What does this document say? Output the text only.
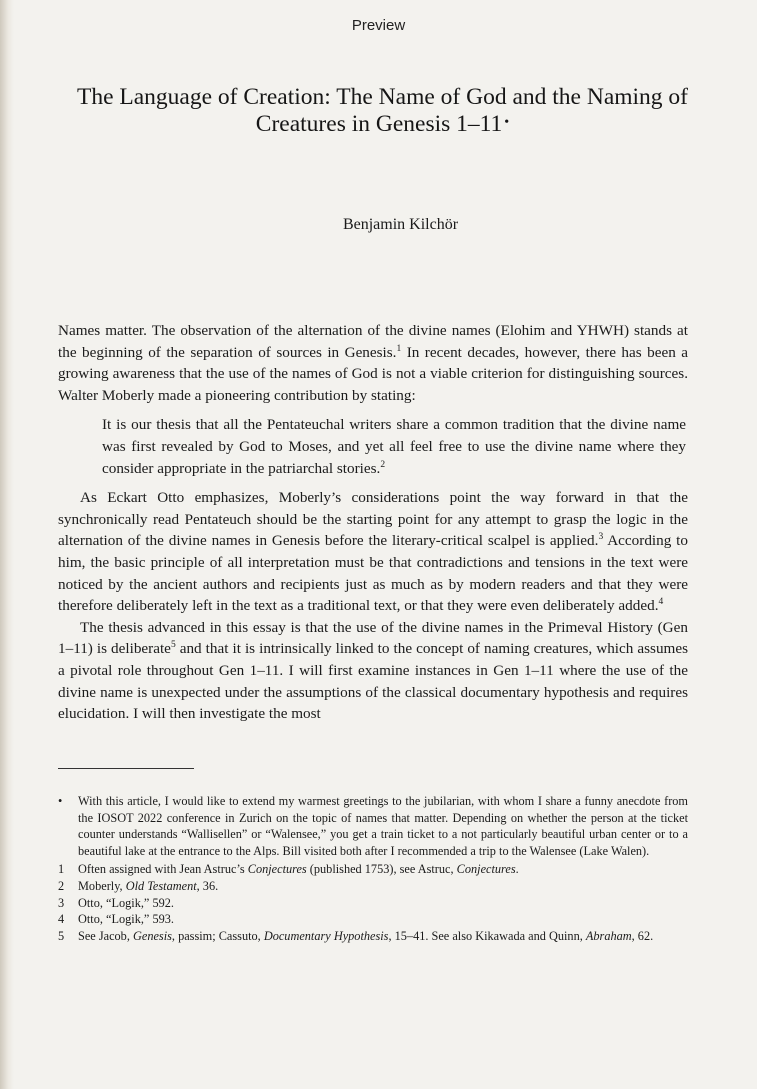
Preview
The Language of Creation: The Name of God and the Naming of Creatures in Genesis 1–11 •
Benjamin Kilchör

Names matter. The observation of the alternation of the divine names (Elohim and YHWH) stands at the beginning of the separation of sources in Genesis.$^1$ In recent decades, however, there has been a growing awareness that the use of the names of God is not a viable criterion for distinguishing sources. Walter Moberly made a pioneering contribution by stating:

It is our thesis that all the Pentateuchal writers share a common tradition that the divine name was first revealed by God to Moses, and yet all feel free to use the divine name where they consider appropriate in the patriarchal stories.$^2$

As Eckart Otto emphasizes, Moberly’s considerations point the way forward in that the synchronically read Pentateuch should be the starting point for any attempt to grasp the logic in the alternation of the divine names in Genesis before the literary-critical scalpel is applied.$^3$ According to him, the basic principle of all interpretation must be that contradictions and tensions in the text were noticed by the ancient authors and recipients just as much as by modern readers and that they were therefore deliberately left in the text as a traditional text, or that they were even deliberately added.$^4$

The thesis advanced in this essay is that the use of the divine names in the Primeval History (Gen 1–11) is deliberate$^5$ and that it is intrinsically linked to the concept of naming creatures, which assumes a pivotal role throughout Gen 1–11. I will first examine instances in Gen 1–11 where the use of the divine name is unexpected under the assumptions of the classical documentary hypothesis and requires elucidation. I will then investigate the most

•	With this article, I would like to extend my warmest greetings to the jubilarian, with whom I share a funny anecdote from the IOSOT 2022 conference in Zurich on the topic of names that matter. Depending on whether the person at the ticket counter understands “Wallisellen” or “Walensee,” you get a train ticket to a not particularly beautiful urban center or to a beautiful lake at the entrance to the Alps. Bill visited both after I recommended a trip to the Walensee (Lake Walen).
1	Often assigned with Jean Astruc’s Conjectures (published 1753), see Astruc, Conjectures.
2	Moberly, Old Testament, 36.
3	Otto, “Logik,” 592.
4	Otto, “Logik,” 593.
5	See Jacob, Genesis, passim; Cassuto, Documentary Hypothesis, 15–41. See also Kikawada and Quinn, Abraham, 62.
